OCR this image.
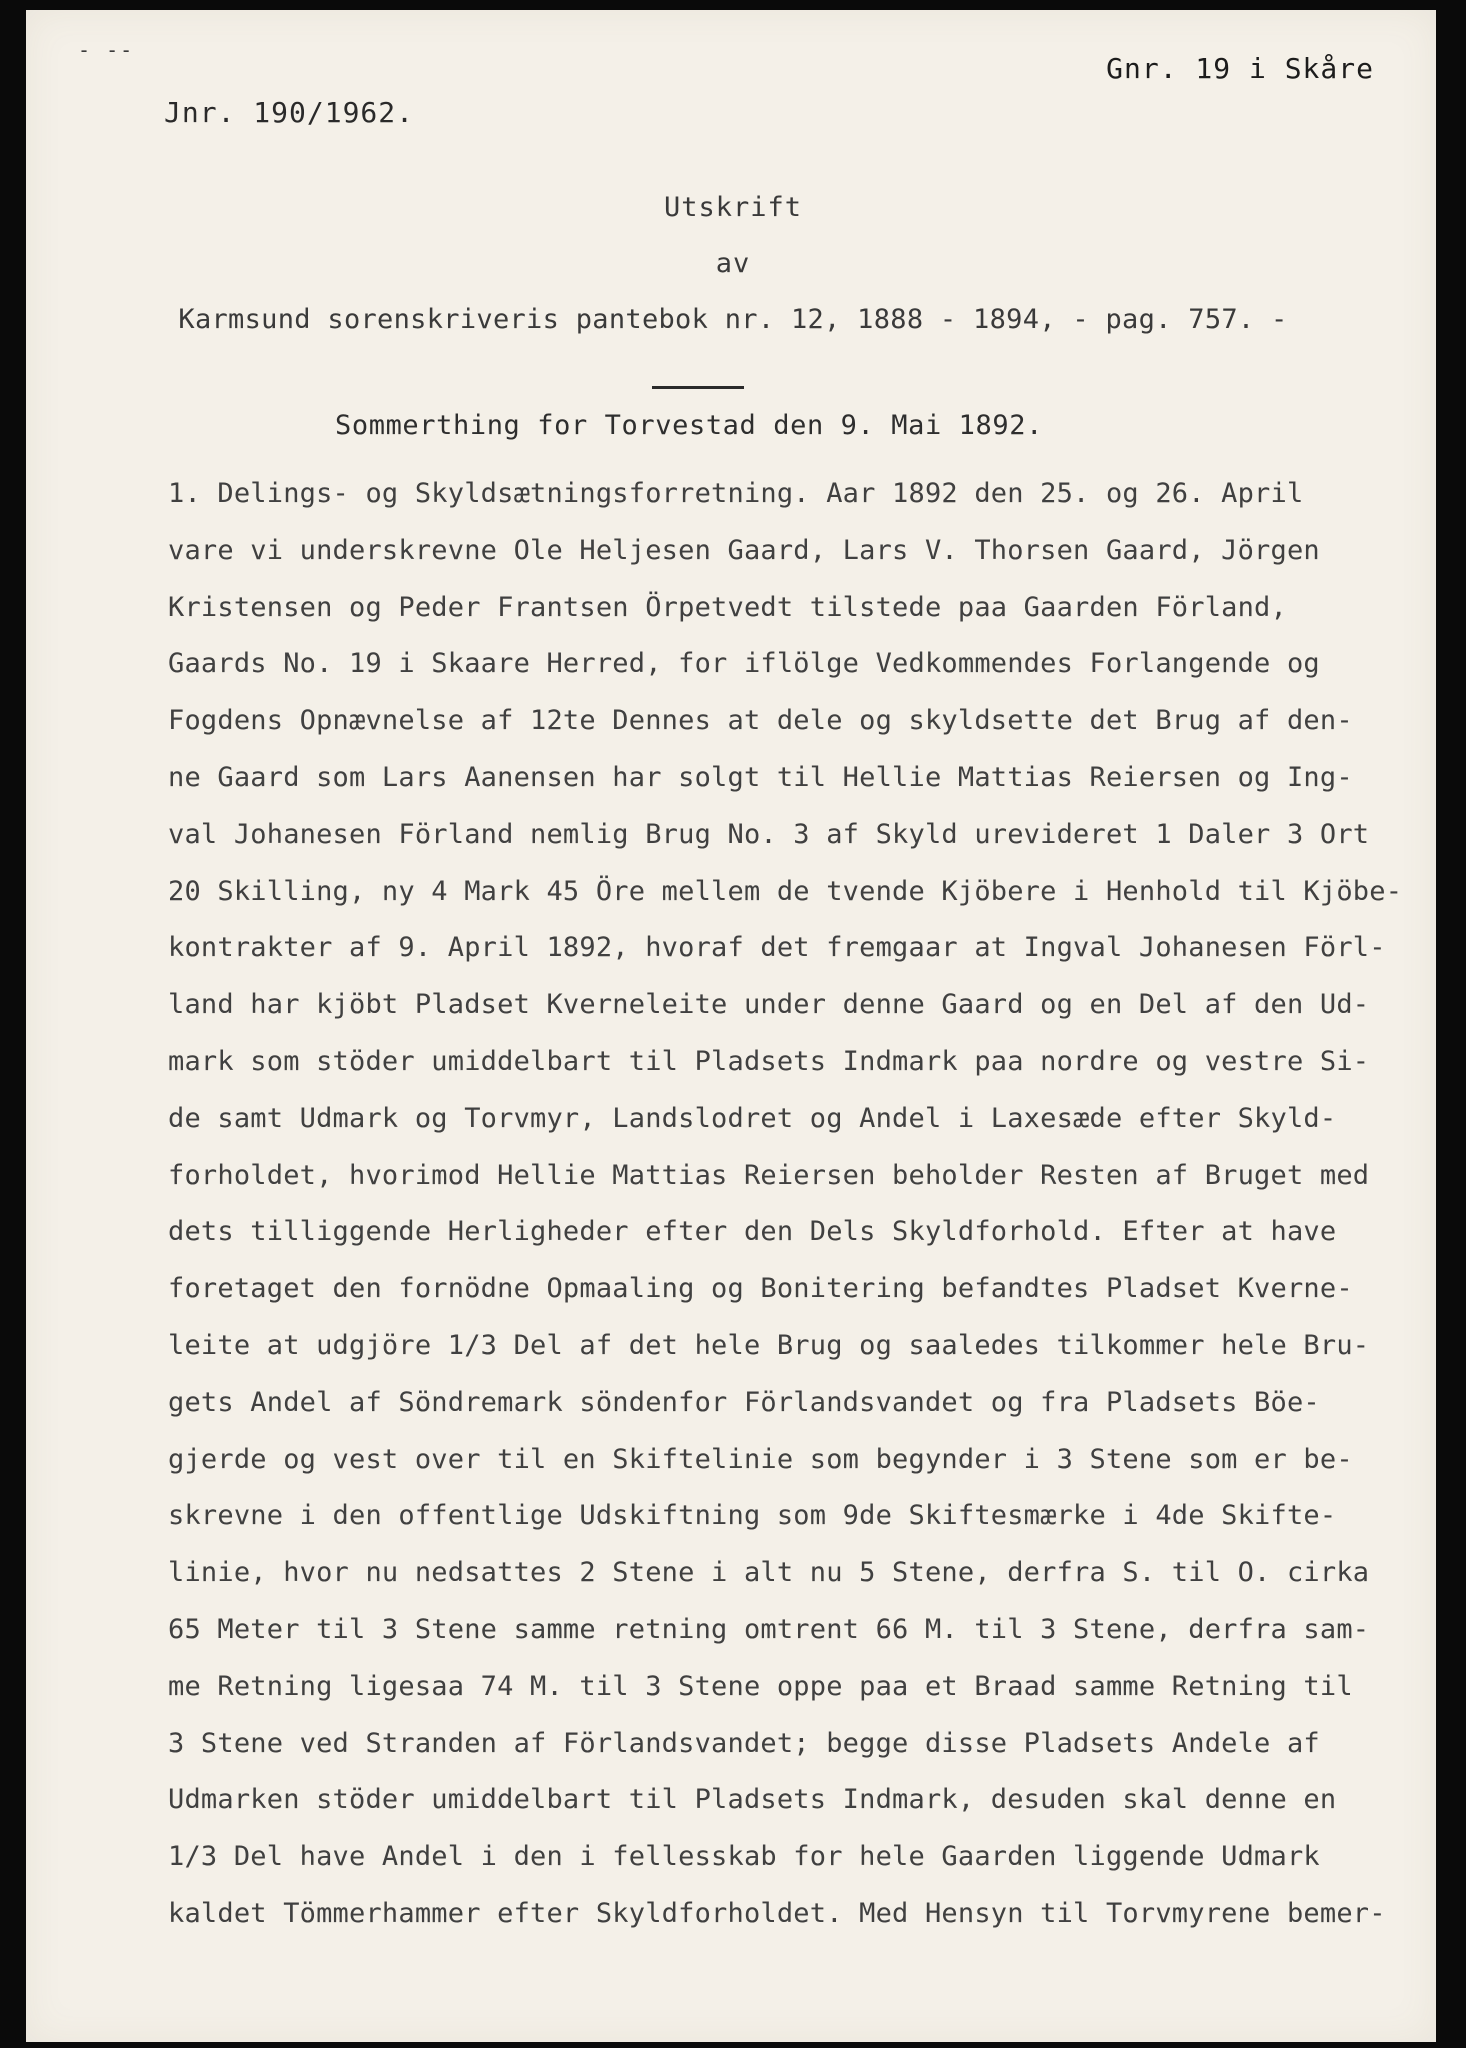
- --
Gnr. 19 i Skåre
Jnr. 190/1962.
Utskrift
av
Karmsund sorenskriveris pantebok nr. 12, 1888 - 1894, - pag. 757. -
Sommerthing for Torvestad den 9. Mai 1892.
1. Delings- og Skyldsætningsforretning. Aar 1892 den 25. og 26. April
vare vi underskrevne Ole Heljesen Gaard, Lars V. Thorsen Gaard, Jörgen
Kristensen og Peder Frantsen Örpetvedt tilstede paa Gaarden Förland,
Gaards No. 19 i Skaare Herred, for iflölge Vedkommendes Forlangende og
Fogdens Opnævnelse af 12te Dennes at dele og skyldsette det Brug af den-
ne Gaard som Lars Aanensen har solgt til Hellie Mattias Reiersen og Ing-
val Johanesen Förland nemlig Brug No. 3 af Skyld urevideret 1 Daler 3 Ort
20 Skilling, ny 4 Mark 45 Öre mellem de tvende Kjöbere i Henhold til Kjöbe-
kontrakter af 9. April 1892, hvoraf det fremgaar at Ingval Johanesen Förl-
land har kjöbt Pladset Kverneleite under denne Gaard og en Del af den Ud-
mark som stöder umiddelbart til Pladsets Indmark paa nordre og vestre Si-
de samt Udmark og Torvmyr, Landslodret og Andel i Laxesæde efter Skyld-
forholdet, hvorimod Hellie Mattias Reiersen beholder Resten af Bruget med
dets tilliggende Herligheder efter den Dels Skyldforhold. Efter at have
foretaget den fornödne Opmaaling og Bonitering befandtes Pladset Kverne-
leite at udgjöre 1/3 Del af det hele Brug og saaledes tilkommer hele Bru-
gets Andel af Söndremark söndenfor Förlandsvandet og fra Pladsets Böe-
gjerde og vest over til en Skiftelinie som begynder i 3 Stene som er be-
skrevne i den offentlige Udskiftning som 9de Skiftesmærke i 4de Skifte-
linie, hvor nu nedsattes 2 Stene i alt nu 5 Stene, derfra S. til O. cirka
65 Meter til 3 Stene samme retning omtrent 66 M. til 3 Stene, derfra sam-
me Retning ligesaa 74 M. til 3 Stene oppe paa et Braad samme Retning til
3 Stene ved Stranden af Förlandsvandet; begge disse Pladsets Andele af
Udmarken stöder umiddelbart til Pladsets Indmark, desuden skal denne en
1/3 Del have Andel i den i fellesskab for hele Gaarden liggende Udmark
kaldet Tömmerhammer efter Skyldforholdet. Med Hensyn til Torvmyrene bemer-
